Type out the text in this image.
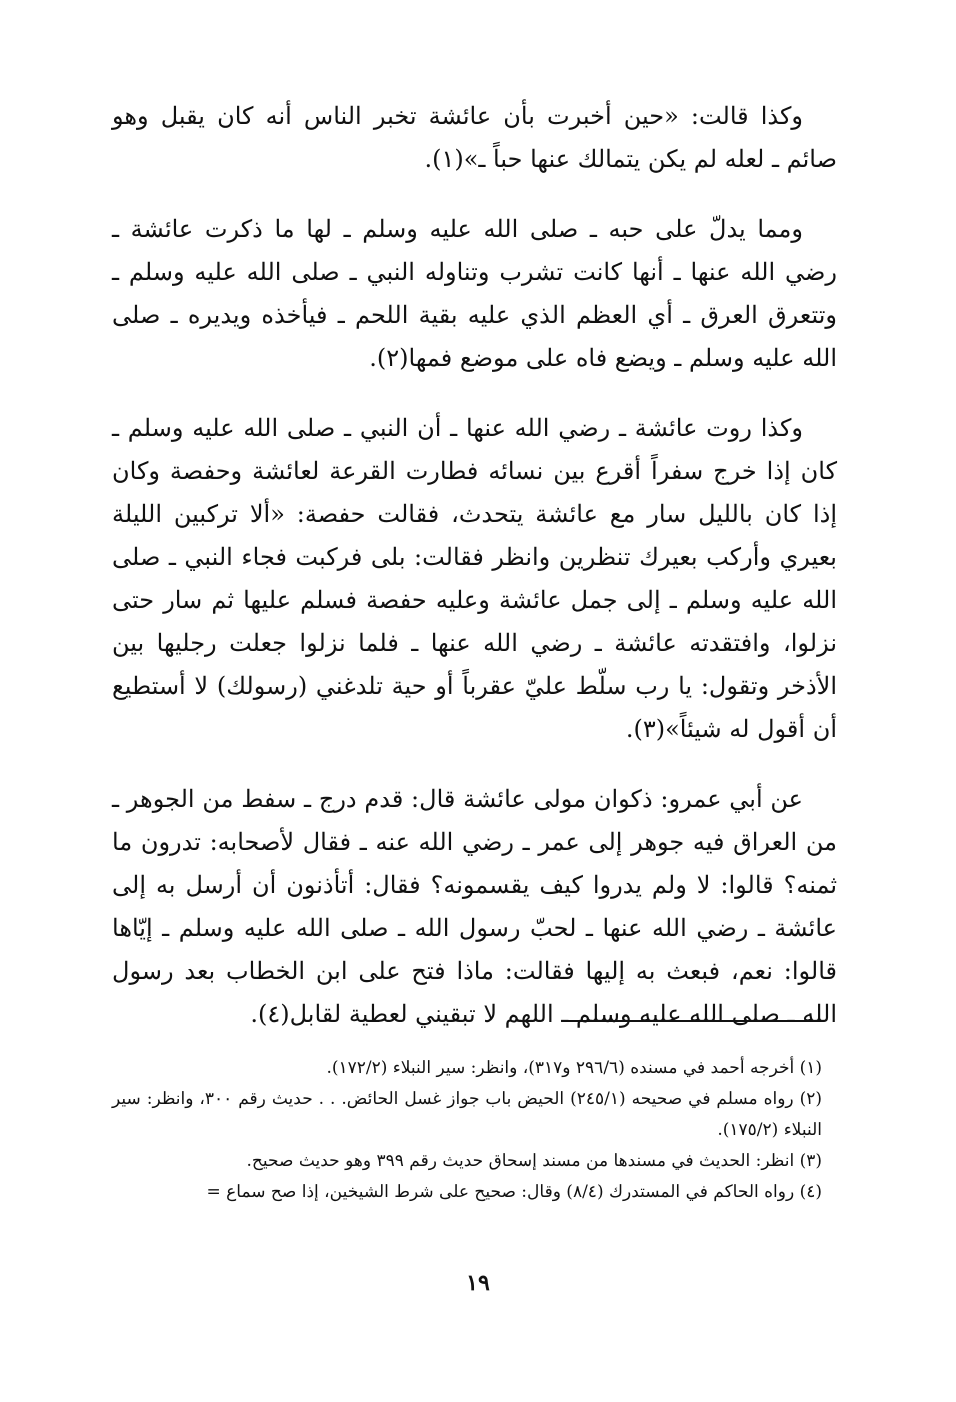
وكذا قالت: «حين أخبرت بأن عائشة تخبر الناس أنه كان يقبل وهو صائم ـ لعله لم يكن يتمالك عنها حباً ـ»(١).

ومما يدلّ على حبه ـ صلى الله عليه وسلم ـ لها ما ذكرت عائشة ـ رضي الله عنها ـ أنها كانت تشرب وتناوله النبي ـ صلى الله عليه وسلم ـ وتتعرق العرق ـ أي العظم الذي عليه بقية اللحم ـ فيأخذه ويديره ـ صلى الله عليه وسلم ـ ويضع فاه على موضع فمها(٢).

وكذا روت عائشة ـ رضي الله عنها ـ أن النبي ـ صلى الله عليه وسلم ـ كان إذا خرج سفراً أقرع بين نسائه فطارت القرعة لعائشة وحفصة وكان إذا كان بالليل سار مع عائشة يتحدث، فقالت حفصة: «ألا تركبين الليلة بعيري وأركب بعيرك تنظرين وانظر فقالت: بلى فركبت فجاء النبي ـ صلى الله عليه وسلم ـ إلى جمل عائشة وعليه حفصة فسلم عليها ثم سار حتى نزلوا، وافتقدته عائشة ـ رضي الله عنها ـ فلما نزلوا جعلت رجليها بين الأذخر وتقول: يا رب سلّط عليّ عقرباً أو حية تلدغني (رسولك) لا أستطيع أن أقول له شيئاً»(٣).

عن أبي عمرو: ذكوان مولى عائشة قال: قدم درج ـ سفط من الجوهر ـ من العراق فيه جوهر إلى عمر ـ رضي الله عنه ـ فقال لأصحابه: تدرون ما ثمنه؟ قالوا: لا ولم يدروا كيف يقسمونه؟ فقال: أتأذنون أن أرسل به إلى عائشة ـ رضي الله عنها ـ لحبّ رسول الله ـ صلى الله عليه وسلم ـ إيّاها قالوا: نعم، فبعث به إليها فقالت: ماذا فتح على ابن الخطاب بعد رسول الله ـ صلى الله عليه وسلم ـ اللهم لا تبقيني لعطية لقابل(٤).

(١) أخرجه أحمد في مسنده (٢٩٦/٦ و٣١٧)، وانظر: سير النبلاء (١٧٢/٢).

(٢) رواه مسلم في صحيحه (٢٤٥/١) الحيض باب جواز غسل الحائض. . . حديث رقم ٣٠٠، وانظر: سير النبلاء (١٧٥/٢).

(٣) انظر: الحديث في مسندها من مسند إسحاق حديث رقم ٣٩٩ وهو حديث صحيح.

(٤) رواه الحاكم في المستدرك (٨/٤) وقال: صحيح على شرط الشيخين، إذا صح سماع =

١٩
